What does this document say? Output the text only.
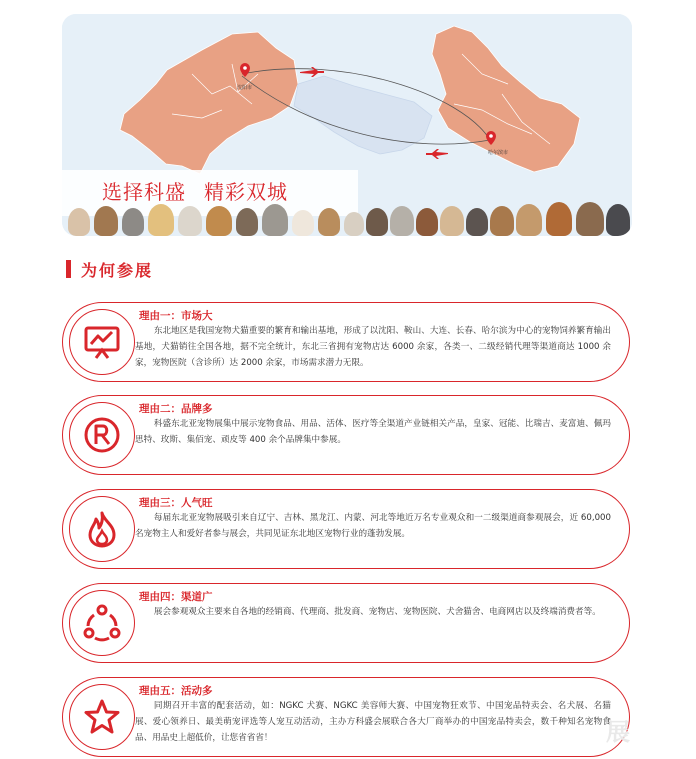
沈阳市
哈尔滨市
选择科盛 精彩双城
为何参展
理由一：市场大
东北地区是我国宠物犬猫重要的繁育和输出基地，形成了以沈阳、鞍山、大连、长春、哈尔滨为中心的宠物饲养繁育输出基地，犬猫销往全国各地，据不完全统计，东北三省拥有宠物店达 6000 余家，各类一、二级经销代理等渠道商达 1000 余家，宠物医院（含诊所）达 2000 余家，市场需求潜力无限。
理由二：品牌多
科盛东北亚宠物展集中展示宠物食品、用品、活体、医疗等全渠道产业链相关产品，皇家、冠能、比瑞吉、麦富迪、佩玛思特、玫斯、集佰宠、顽皮等 400 余个品牌集中参展。
理由三：人气旺
每届东北亚宠物展吸引来自辽宁、吉林、黑龙江、内蒙、河北等地近万名专业观众和一二级渠道商参观展会，近 60,000 名宠物主人和爱好者参与展会，共同见证东北地区宠物行业的蓬勃发展。
理由四：渠道广
展会参观观众主要来自各地的经销商、代理商、批发商、宠物店、宠物医院、犬舍猫舍、电商网店以及终端消费者等。
理由五：活动多
同期召开丰富的配套活动，如：NGKC 犬赛、NGKC 美容师大赛、中国宠物狂欢节、中国宠品特卖会、名犬展、名猫展、爱心领养日、最美萌宠评选等人宠互动活动，主办方科盛会展联合各大厂商举办的中国宠品特卖会，数千种知名宠物食品、用品史上超低价，让您省省省！	展
